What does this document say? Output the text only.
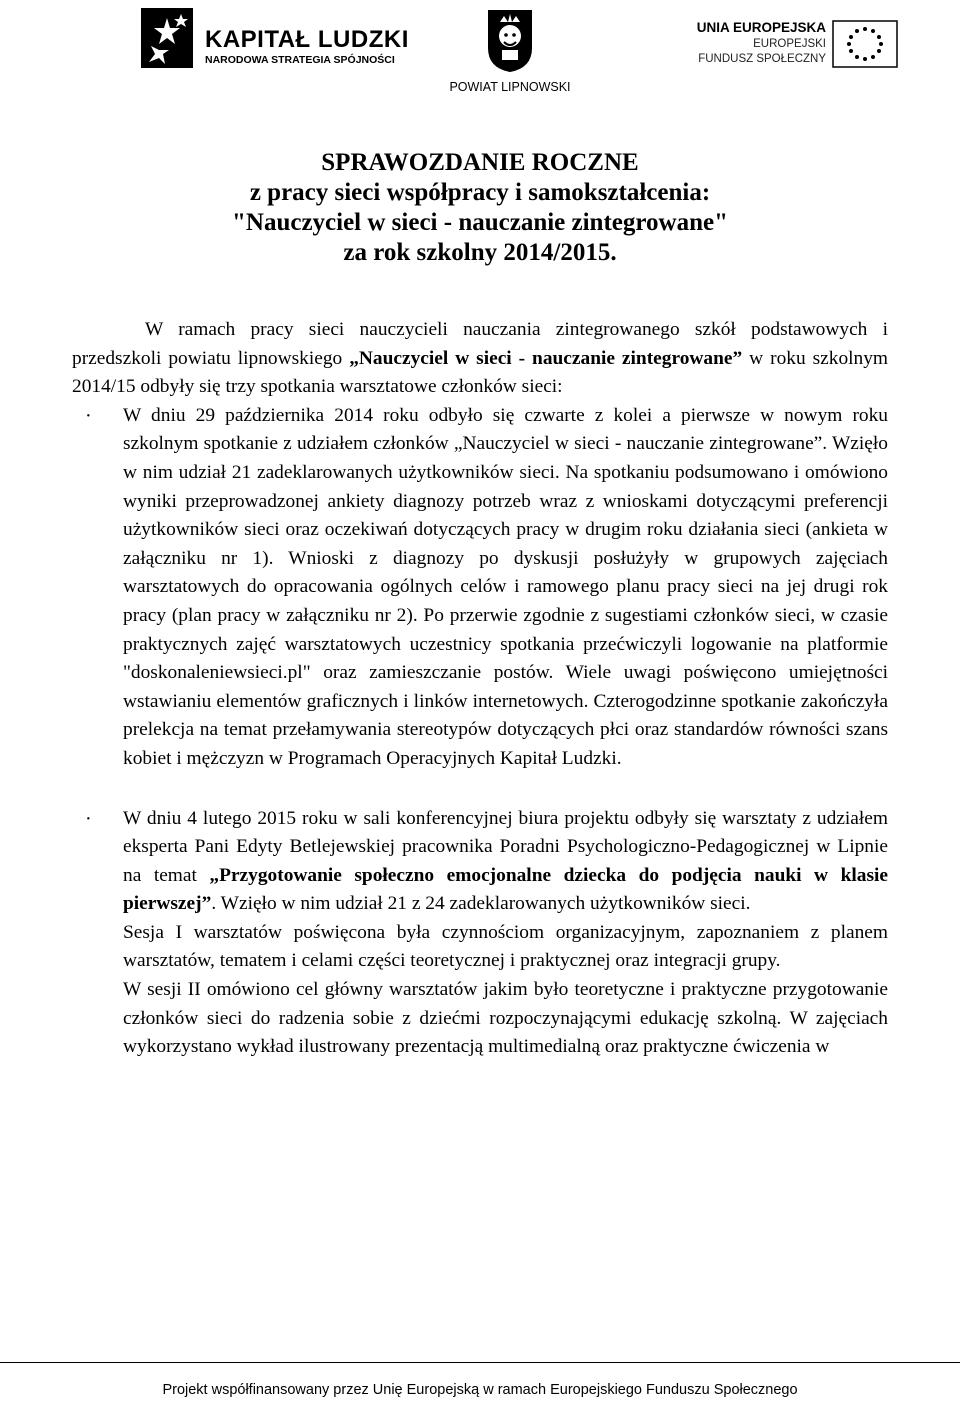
KAPITAŁ LUDZKI
NARODOWA STRATEGIA SPÓJNOŚCI
POWIAT LIPNOWSKI
UNIA EUROPEJSKA
EUROPEJSKI
FUNDUSZ SPOŁECZNY
SPRAWOZDANIE ROCZNE
z pracy sieci współpracy i samokształcenia:
"Nauczyciel w sieci - nauczanie zintegrowane"
za rok szkolny 2014/2015.

W ramach pracy sieci nauczycieli nauczania zintegrowanego szkół podstawowych i przedszkoli powiatu lipnowskiego „Nauczyciel w sieci - nauczanie zintegrowane” w roku szkolnym 2014/15 odbyły się trzy spotkania warsztatowe członków sieci:

· W dniu 29 października 2014 roku odbyło się czwarte z kolei a pierwsze w nowym roku szkolnym spotkanie z udziałem członków „Nauczyciel w sieci - nauczanie zintegrowane”. Wzięło w nim udział 21 zadeklarowanych użytkowników sieci. Na spotkaniu podsumowano i omówiono wyniki przeprowadzonej ankiety diagnozy potrzeb wraz z wnioskami dotyczącymi preferencji użytkowników sieci oraz oczekiwań dotyczących pracy w drugim roku działania sieci (ankieta w załączniku nr 1). Wnioski z diagnozy po dyskusji posłużyły w grupowych zajęciach warsztatowych do opracowania ogólnych celów i ramowego planu pracy sieci na jej drugi rok pracy (plan pracy w załączniku nr 2). Po przerwie zgodnie z sugestiami członków sieci, w czasie praktycznych zajęć warsztatowych uczestnicy spotkania przećwiczyli logowanie na platformie "doskonaleniewsieci.pl" oraz zamieszczanie postów. Wiele uwagi poświęcono umiejętności wstawianiu elementów graficznych i linków internetowych. Czterogodzinne spotkanie zakończyła prelekcja na temat przełamywania stereotypów dotyczących płci oraz standardów równości szans kobiet i mężczyzn w Programach Operacyjnych Kapitał Ludzki.
· W dniu 4 lutego 2015 roku w sali konferencyjnej biura projektu odbyły się warsztaty z udziałem eksperta Pani Edyty Betlejewskiej pracownika Poradni Psychologiczno-Pedagogicznej w Lipnie na temat „Przygotowanie społeczno emocjonalne dziecka do podjęcia nauki w klasie pierwszej”. Wzięło w nim udział 21 z 24 zadeklarowanych użytkowników sieci.
Sesja I warsztatów poświęcona była czynnościom organizacyjnym, zapoznaniem z planem warsztatów, tematem i celami części teoretycznej i praktycznej oraz integracji grupy.
W sesji II omówiono cel główny warsztatów jakim było teoretyczne i praktyczne przygotowanie członków sieci do radzenia sobie z dziećmi rozpoczynającymi edukację szkolną. W zajęciach wykorzystano wykład ilustrowany prezentacją multimedialną oraz praktyczne ćwiczenia w
Projekt współfinansowany przez Unię Europejską w ramach Europejskiego Funduszu Społecznego
